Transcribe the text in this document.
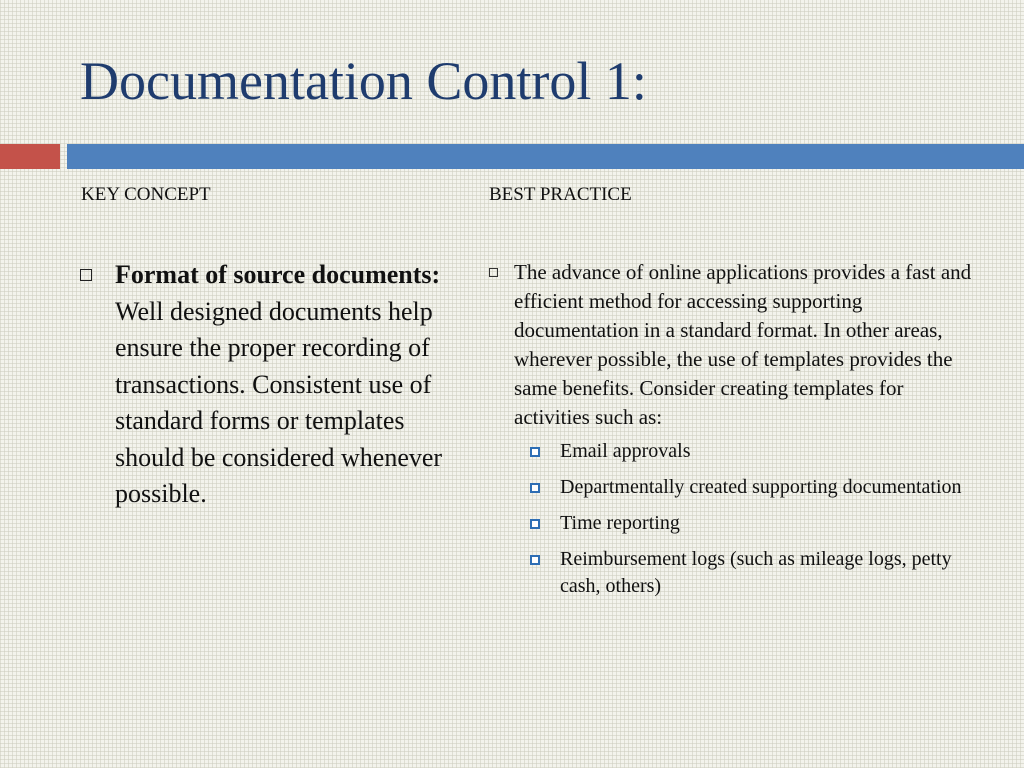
Documentation Control 1:
KEY CONCEPT	BEST PRACTICE
Format of source documents: Well designed documents help ensure the proper recording of transactions. Consistent use of standard forms or templates should be considered whenever possible.
The advance of online applications provides a fast and efficient method for accessing supporting documentation in a standard format. In other areas, wherever possible, the use of templates provides the same benefits. Consider creating templates for activities such as:
Email approvals
Departmentally created supporting documentation
Time reporting
Reimbursement logs (such as mileage logs, petty cash, others)
